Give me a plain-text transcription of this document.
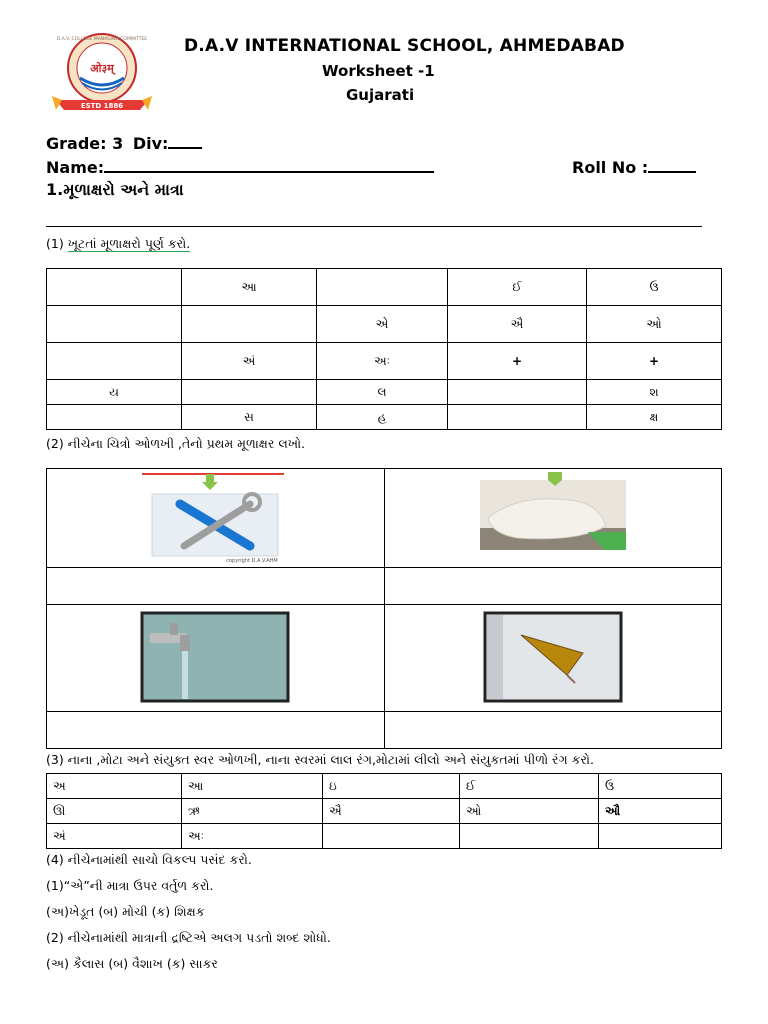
ओ३म्
D.A.V. COLLEGE MANAGING COMMITTEE
ESTD 1886
D.A.V INTERNATIONAL SCHOOL, AHMEDABAD
Worksheet -1
Gujarati
Grade: 3 Div:
Name:	Roll No :
1.મૂળાક્ષરો અને માત્રા
(1) ખૂટતાં મૂળાક્ષરો પૂર્ણ કરો.
	આ		ઈ	ઉ
		એ	ઐ	ઓ
	અં	અઃ	+	+
ય		લ		શ
	સ	હ		ક્ષ
(2) નીચેના ચિત્રો ઓળખી ,તેનો પ્રથમ મૂળાક્ષર લખો.
copyright D.A.V.AHM

(3) નાના ,મોટા અને સંયુક્ત સ્વર ઓળખી, નાના સ્વરમાં લાલ રંગ,મોટામાં લીલો અને સંયુકતમાં પીળો રંગ કરો.
અ	આ	ઇ	ઈ	ઉ
ઊ	ઋ	ઐ	ઓ	ઔ
અં	અઃ			

(4) નીચેનામાંથી સાચો વિકલ્પ પસંદ કરો.

(1)“એ”ની માત્રા ઉપર વર્તુળ કરો.

(અ)ખેડૂત (બ) મોચી (ક) શિક્ષક

(2) નીચેનામાંથી માત્રાની દ્રષ્ટિએ અલગ પડતો શબ્દ શોધો.

(અ) કૈલાસ (બ) વૈશાખ (ક) સાકર
